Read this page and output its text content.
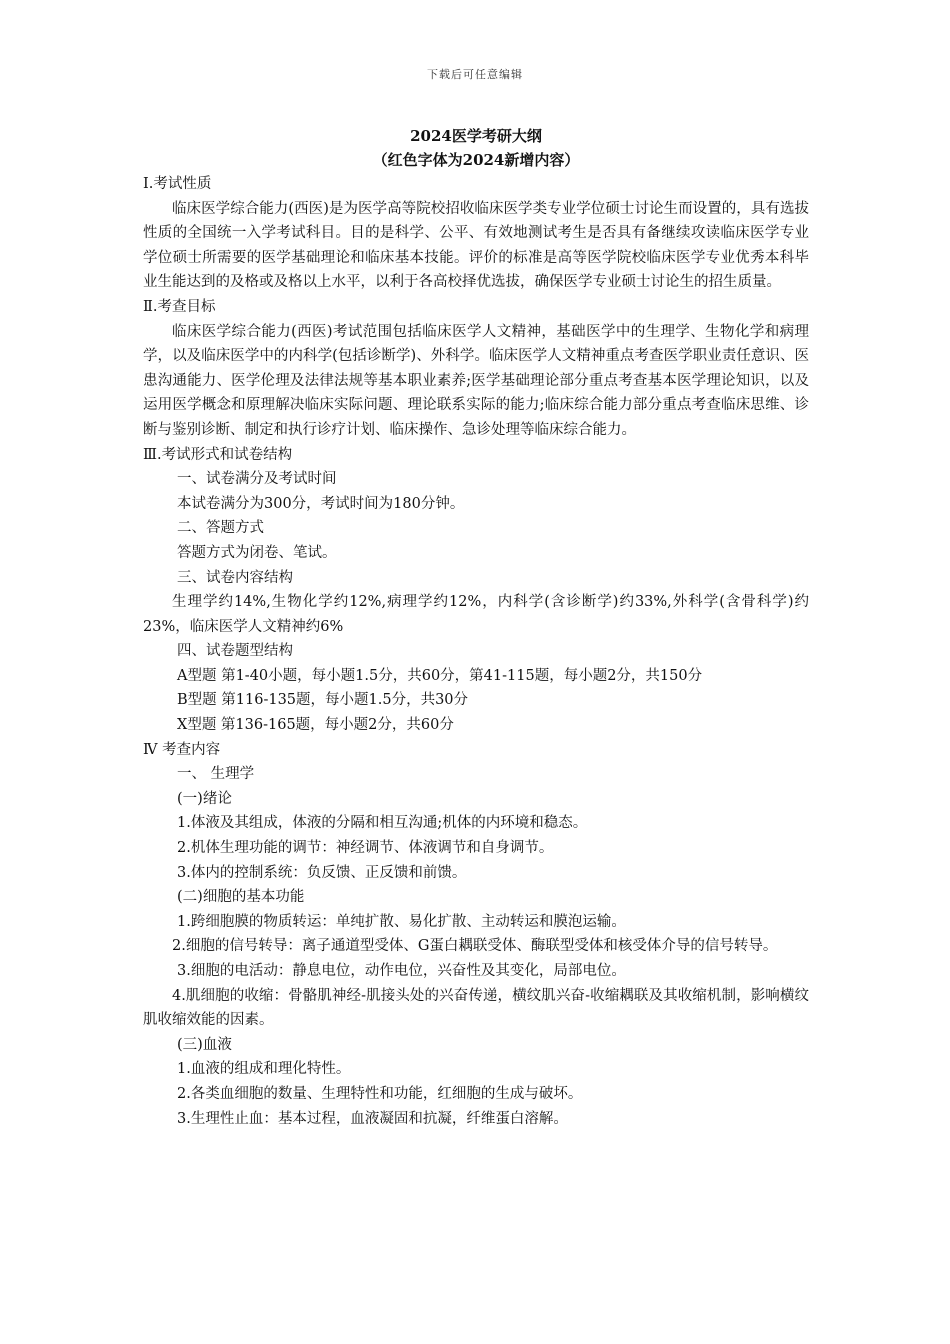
下载后可任意编辑
2024医学考研大纲
（红色字体为2024新增内容）

Ⅰ.考试性质

临床医学综合能力(西医)是为医学高等院校招收临床医学类专业学位硕士讨论生而设置的，具有选拔性质的全国统一入学考试科目。目的是科学、公平、有效地测试考生是否具有备继续攻读临床医学专业学位硕士所需要的医学基础理论和临床基本技能。评价的标准是高等医学院校临床医学专业优秀本科毕业生能达到的及格或及格以上水平，以利于各高校择优选拔，确保医学专业硕士讨论生的招生质量。

Ⅱ.考查目标

临床医学综合能力(西医)考试范围包括临床医学人文精神，基础医学中的生理学、生物化学和病理学，以及临床医学中的内科学(包括诊断学)、外科学。临床医学人文精神重点考查医学职业责任意识、医患沟通能力、医学伦理及法律法规等基本职业素养;医学基础理论部分重点考查基本医学理论知识，以及运用医学概念和原理解决临床实际问题、理论联系实际的能力;临床综合能力部分重点考查临床思维、诊断与鉴别诊断、制定和执行诊疗计划、临床操作、急诊处理等临床综合能力。

Ⅲ.考试形式和试卷结构

一、试卷满分及考试时间

本试卷满分为300分，考试时间为180分钟。

二、答题方式

答题方式为闭卷、笔试。

三、试卷内容结构

生理学约14%,生物化学约12%,病理学约12%，内科学(含诊断学)约33%,外科学(含骨科学)约23%，临床医学人文精神约6%

四、试卷题型结构

A型题 第1-40小题，每小题1.5分，共60分，第41-115题，每小题2分，共150分

B型题 第116-135题，每小题1.5分，共30分

X型题 第136-165题，每小题2分，共60分

Ⅳ 考查内容

一、 生理学

(一)绪论

1.体液及其组成，体液的分隔和相互沟通;机体的内环境和稳态。

2.机体生理功能的调节：神经调节、体液调节和自身调节。

3.体内的控制系统：负反馈、正反馈和前馈。

(二)细胞的基本功能

1.跨细胞膜的物质转运：单纯扩散、易化扩散、主动转运和膜泡运输。

2.细胞的信号转导：离子通道型受体、G蛋白耦联受体、酶联型受体和核受体介导的信号转导。

3.细胞的电活动：静息电位，动作电位，兴奋性及其变化，局部电位。

4.肌细胞的收缩：骨骼肌神经-肌接头处的兴奋传递，横纹肌兴奋-收缩耦联及其收缩机制，影响横纹肌收缩效能的因素。

(三)血液

1.血液的组成和理化特性。

2.各类血细胞的数量、生理特性和功能，红细胞的生成与破坏。

3.生理性止血：基本过程，血液凝固和抗凝，纤维蛋白溶解。
